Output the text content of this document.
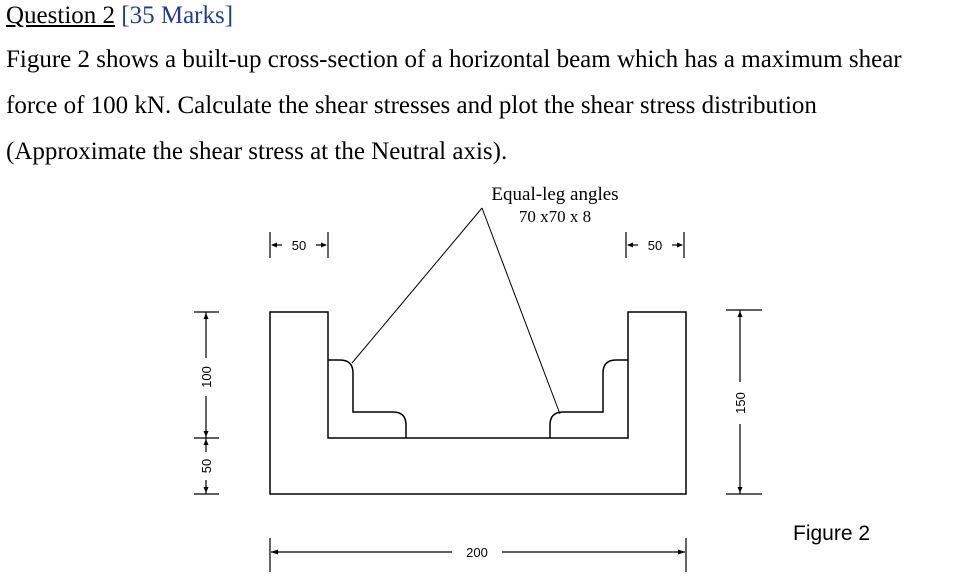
Question 2 [35 Marks]
Figure 2 shows a built-up cross-section of a horizontal beam which has a maximum shear
force of 100 kN. Calculate the shear stresses and plot the shear stress distribution
(Approximate the shear stress at the Neutral axis).
Equal-leg angles
70 x70 x 8
50	50
100
50
150
200
Figure 2
